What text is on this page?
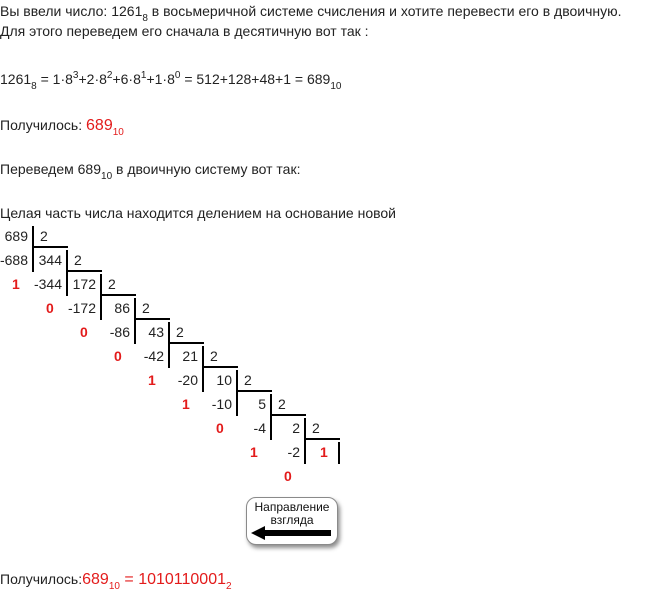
Вы ввели число: $1261_8$ в восьмеричной системе счисления и хотите перевести его в двоичную.
Для этого переведем его сначала в десятичную вот так :
$1261_8 = 1\cdot 8^3+2\cdot 8^2+6\cdot 8^1+1\cdot 8^0 = 512+128+48+1 = 689_{10}$
Получилось: $689_{10}$
Переведем $689_{10}$ в двоичную систему вот так:
Целая часть числа находится делением на основание новой
689 2
-688
1
344 2
-344
0
172 2
-172
0
86 2
-86
0
43 2
-42
1
21 2
-20
1
10 2
-10
0
5 2
-4
1
2 2
-2
0
1
Направление
взгляда
$Получилось:689_{10} = 1010110001_2$
